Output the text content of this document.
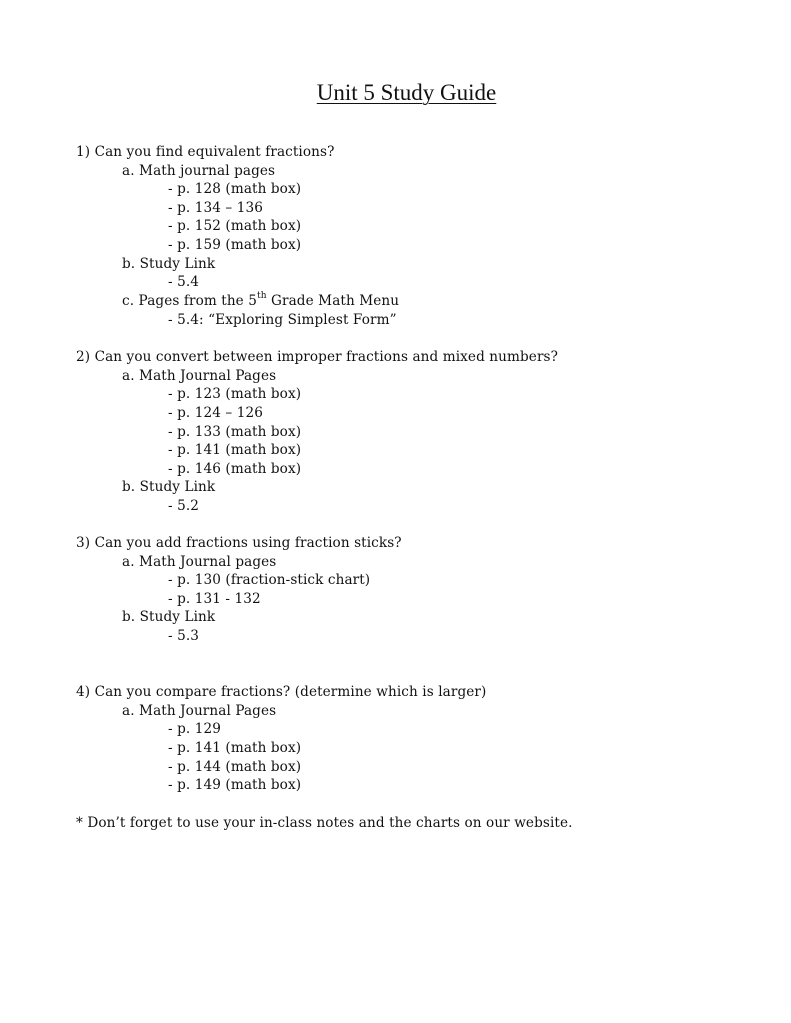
Unit 5 Study Guide
1) Can you find equivalent fractions?
a. Math journal pages
- p. 128 (math box)
- p. 134 – 136
- p. 152 (math box)
- p. 159 (math box)
b. Study Link
- 5.4
c. Pages from the 5th Grade Math Menu
- 5.4: “Exploring Simplest Form”
2) Can you convert between improper fractions and mixed numbers?
a. Math Journal Pages
- p. 123 (math box)
- p. 124 – 126
- p. 133 (math box)
- p. 141 (math box)
- p. 146 (math box)
b. Study Link
- 5.2
3) Can you add fractions using fraction sticks?
a. Math Journal pages
- p. 130 (fraction-stick chart)
- p. 131 - 132
b. Study Link
- 5.3
4) Can you compare fractions? (determine which is larger)
a. Math Journal Pages
- p. 129
- p. 141 (math box)
- p. 144 (math box)
- p. 149 (math box)
* Don’t forget to use your in-class notes and the charts on our website.
